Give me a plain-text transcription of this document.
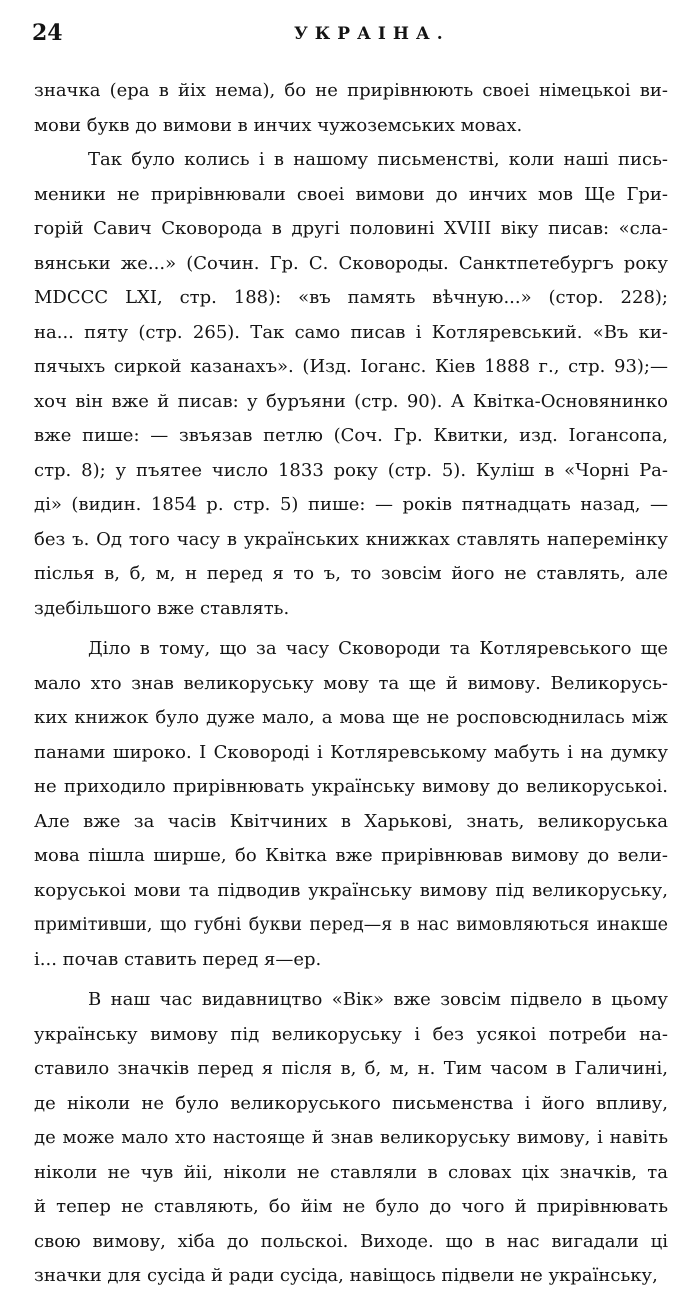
24	УКРАІНА.
значка (ера в йіх нема), бо не прирівнюють своеі німецькоі ви-
мови букв до вимови в инчих чужоземських мовах.
Так було колись і в нашому письменстві, коли наші пись-
меники не прирівнювали своеі вимови до инчих мов Ще Гри-
горій Савич Сковорода в другі половині XVIII віку писав: «сла-
вянськи же...» (Сочин. Гр. С. Сковороды. Санктпетебургъ року
MDCCC LXI, стр. 188): «въ память вѣчную...» (стор. 228);
на... пяту (стр. 265). Так само писав і Котляревський. «Въ ки-
пячыхъ сиркой казанахъ». (Изд. Іоганс. Кіев 1888 г., стр. 93);—
хоч він вже й писав: у буръяни (стр. 90). А Квітка-Основянинко
вже пише: — звъязав петлю (Соч. Гр. Квитки, изд. Іогансопа,
стр. 8); у пъятее число 1833 року (стр. 5). Куліш в «Чорні Ра-
ді» (видин. 1854 р. стр. 5) пише: — років пятнадцать назад, —
без ъ. Од того часу в українських книжках ставлять наперемінку
післья в, б, м, н перед я то ъ, то зовсім його не ставлять, але
здебільшого вже ставлять.
Діло в тому, що за часу Сковороди та Котляревського ще
мало хто знав великоруську мову та ще й вимову. Великорусь-
ких книжок було дуже мало, а мова ще не росповсюднилась між
панами широко. І Сковороді і Котляревському мабуть і на думку
не приходило прирівнювать українську вимову до великоруськоі.
Але вже за часів Квітчиних в Харькові, знать, великоруська
мова пішла ширше, бо Квітка вже прирівнював вимову до вели-
коруськоі мови та підводив українську вимову під великоруську,
примітивши, що губні букви перед—я в нас вимовляються инакше
і... почав ставить перед я—ер.
В наш час видавництво «Вік» вже зовсім підвело в цьому
українську вимову під великоруську і без усякоі потреби на-
ставило значків перед я після в, б, м, н. Тим часом в Галичині,
де ніколи не було великоруського письменства і його впливу,
де може мало хто настояще й знав великоруську вимову, і навіть
ніколи не чув йіі, ніколи не ставляли в словах ціх значків, та
й тепер не ставляють, бо йім не було до чого й прирівнювать
свою вимову, хіба до польскоі. Виходе. що в нас вигадали ці
значки для сусіда й ради сусіда, навіщось підвели не українську,
